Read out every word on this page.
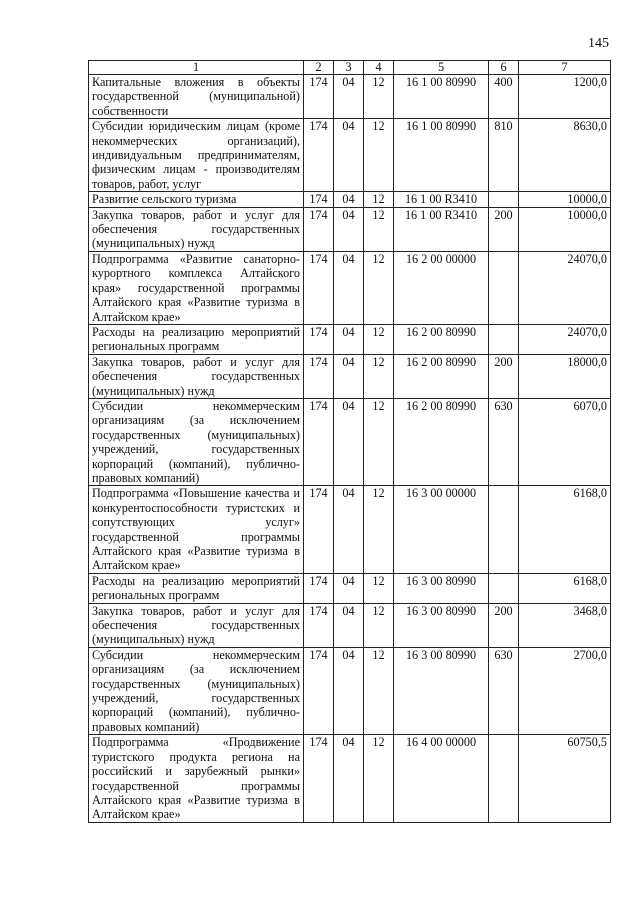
145
1	2	3	4	5	6	7
Капитальные вложения в объекты государственной (муниципальной) собственности	174	04	12	16 1 00 80990	400	1200,0
Субсидии юридическим лицам (кроме некоммерческих организаций), индивидуальным предпринимателям, физическим лицам - производителям товаров, работ, услуг	174	04	12	16 1 00 80990	810	8630,0
Развитие сельского туризма	174	04	12	16 1 00 R3410		10000,0
Закупка товаров, работ и услуг для обеспечения государственных (муниципальных) нужд	174	04	12	16 1 00 R3410	200	10000,0
Подпрограмма «Развитие санаторно-курортного комплекса Алтайского края» государственной программы Алтайского края «Развитие туризма в Алтайском крае»	174	04	12	16 2 00 00000		24070,0
Расходы на реализацию мероприятий региональных программ	174	04	12	16 2 00 80990		24070,0
Закупка товаров, работ и услуг для обеспечения государственных (муниципальных) нужд	174	04	12	16 2 00 80990	200	18000,0
Субсидии некоммерческим организациям (за исключением государственных (муниципальных) учреждений, государственных корпораций (компаний), публично-правовых компаний)	174	04	12	16 2 00 80990	630	6070,0
Подпрограмма «Повышение качества и конкурентоспособности туристских и сопутствующих услуг» государственной программы Алтайского края «Развитие туризма в Алтайском крае»	174	04	12	16 3 00 00000		6168,0
Расходы на реализацию мероприятий региональных программ	174	04	12	16 3 00 80990		6168,0
Закупка товаров, работ и услуг для обеспечения государственных (муниципальных) нужд	174	04	12	16 3 00 80990	200	3468,0
Субсидии некоммерческим организациям (за исключением государственных (муниципальных) учреждений, государственных корпораций (компаний), публично-правовых компаний)	174	04	12	16 3 00 80990	630	2700,0
Подпрограмма «Продвижение туристского продукта региона на российский и зарубежный рынки» государственной программы Алтайского края «Развитие туризма в Алтайском крае»	174	04	12	16 4 00 00000		60750,5
